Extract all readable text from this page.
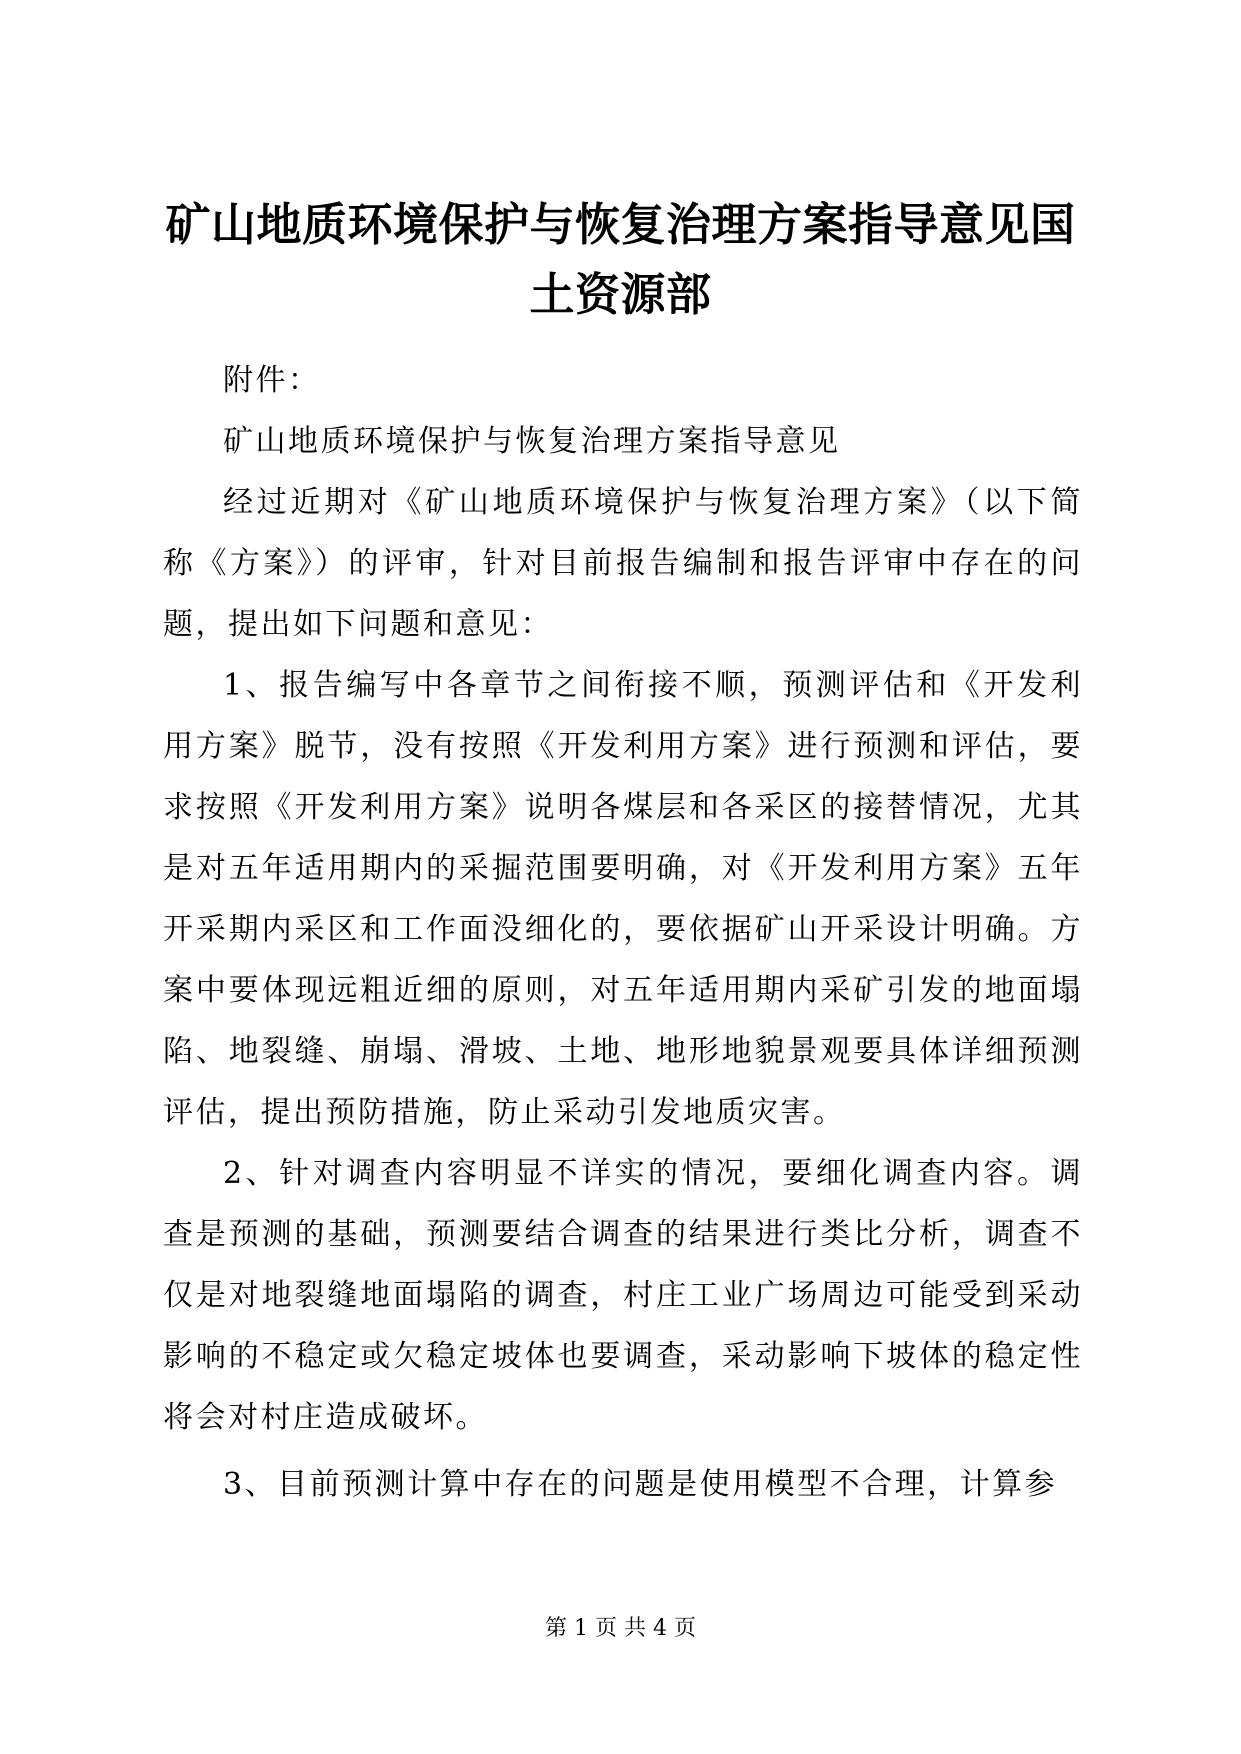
矿山地质环境保护与恢复治理方案指导意见国土资源部

附件：

矿山地质环境保护与恢复治理方案指导意见

经过近期对《矿山地质环境保护与恢复治理方案》（以下简称《方案》）的评审，针对目前报告编制和报告评审中存在的问题，提出如下问题和意见：

1、报告编写中各章节之间衔接不顺，预测评估和《开发利用方案》脱节，没有按照《开发利用方案》进行预测和评估，要求按照《开发利用方案》说明各煤层和各采区的接替情况，尤其是对五年适用期内的采掘范围要明确，对《开发利用方案》五年开采期内采区和工作面没细化的，要依据矿山开采设计明确。方案中要体现远粗近细的原则，对五年适用期内采矿引发的地面塌陷、地裂缝、崩塌、滑坡、土地、地形地貌景观要具体详细预测评估，提出预防措施，防止采动引发地质灾害。

2、针对调查内容明显不详实的情况，要细化调查内容。调查是预测的基础，预测要结合调查的结果进行类比分析，调查不仅是对地裂缝地面塌陷的调查，村庄工业广场周边可能受到采动影响的不稳定或欠稳定坡体也要调查，采动影响下坡体的稳定性将会对村庄造成破坏。

3、目前预测计算中存在的问题是使用模型不合理，计算参

第 1 页 共 4 页
